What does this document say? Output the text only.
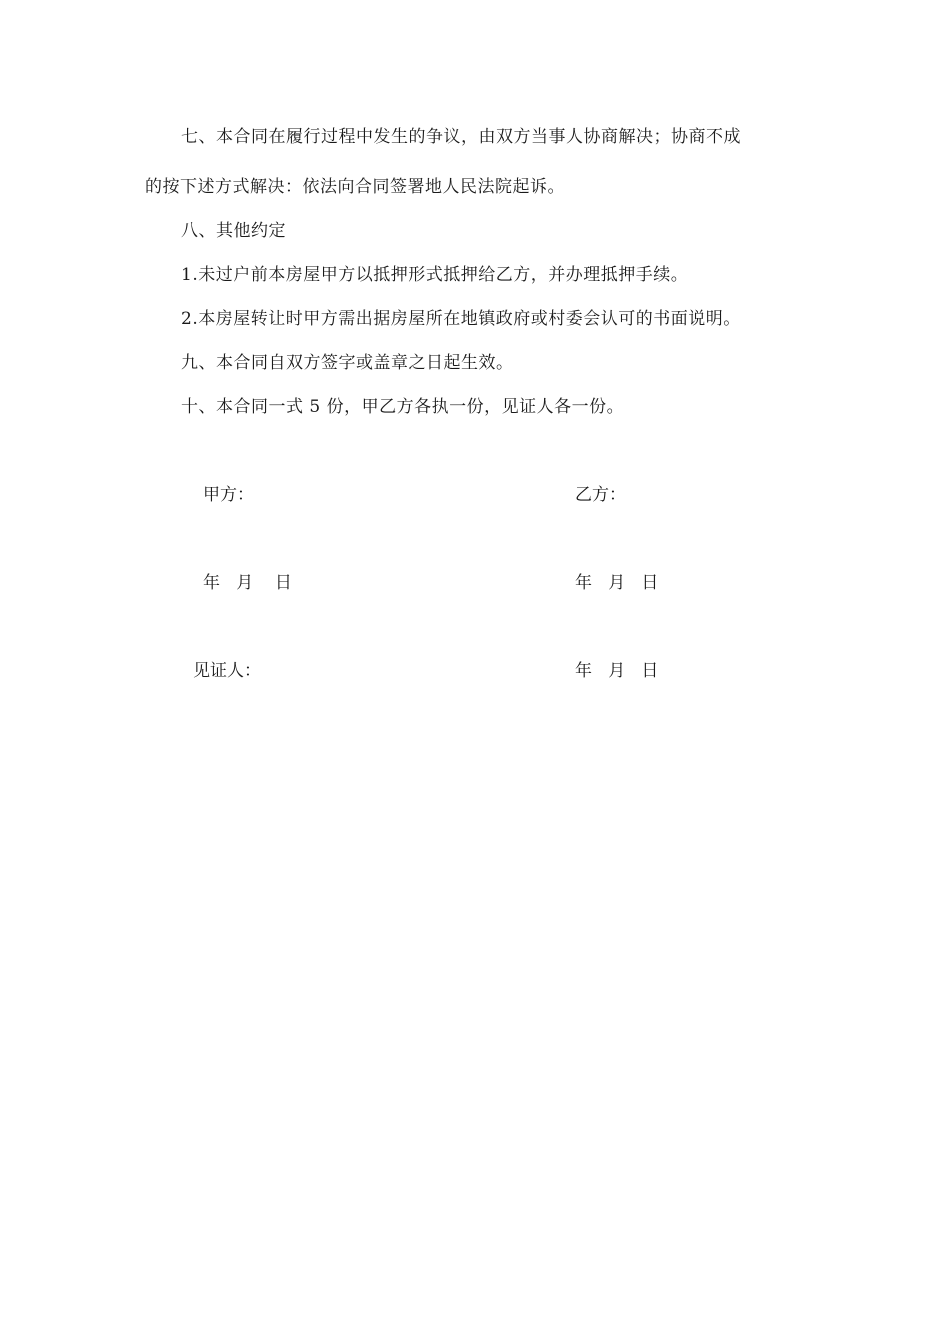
七、本合同在履行过程中发生的争议，由双方当事人协商解决；协商不成
的按下述方式解决：依法向合同签署地人民法院起诉。
八、其他约定
1.未过户前本房屋甲方以抵押形式抵押给乙方，并办理抵押手续。
2.本房屋转让时甲方需出据房屋所在地镇政府或村委会认可的书面说明。
九、本合同自双方签字或盖章之日起生效。
十、本合同一式 5 份，甲乙方各执一份，见证人各一份。
甲方：	乙方：
年   月    日	年   月   日
见证人：	年   月   日
